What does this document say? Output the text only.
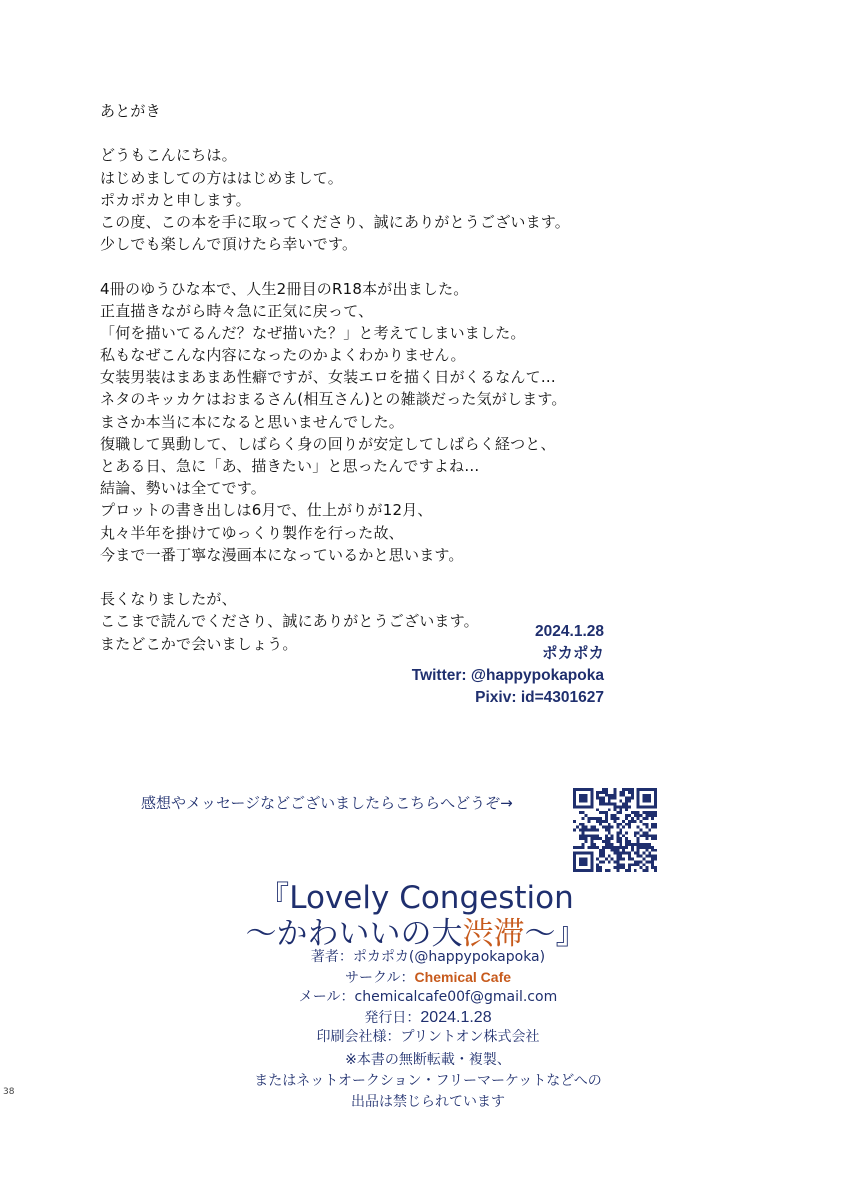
あとがき
どうもこんにちは。
はじめましての方ははじめまして。
ポカポカと申します。
この度、この本を手に取ってくださり、誠にありがとうございます。
少しでも楽しんで頂けたら幸いです。
4冊のゆうひな本で、人生2冊目のR18本が出ました。
正直描きながら時々急に正気に戻って、
「何を描いてるんだ？なぜ描いた？」と考えてしまいました。
私もなぜこんな内容になったのかよくわかりません。
女装男装はまあまあ性癖ですが、女装エロを描く日がくるなんて…
ネタのキッカケはおまるさん(相互さん)との雑談だった気がします。
まさか本当に本になると思いませんでした。
復職して異動して、しばらく身の回りが安定してしばらく経つと、
とある日、急に「あ、描きたい」と思ったんですよね…
結論、勢いは全てです。
プロットの書き出しは6月で、仕上がりが12月、
丸々半年を掛けてゆっくり製作を行った故、
今まで一番丁寧な漫画本になっているかと思います。
長くなりましたが、
ここまで読んでくださり、誠にありがとうございます。
またどこかで会いましょう。
2024.1.28
ポカポカ
Twitter: @happypokapoka
Pixiv: id=4301627
感想やメッセージなどございましたらこちらへどうぞ→
『Lovely Congestion
～かわいいの大渋滞～』
著者：ポカポカ(@happypokapoka)
サークル：Chemical Cafe
メール：chemicalcafe00f@gmail.com
発行日：2024.1.28
印刷会社様：プリントオン株式会社
※本書の無断転載・複製、
またはネットオークション・フリーマーケットなどへの
出品は禁じられています
38
